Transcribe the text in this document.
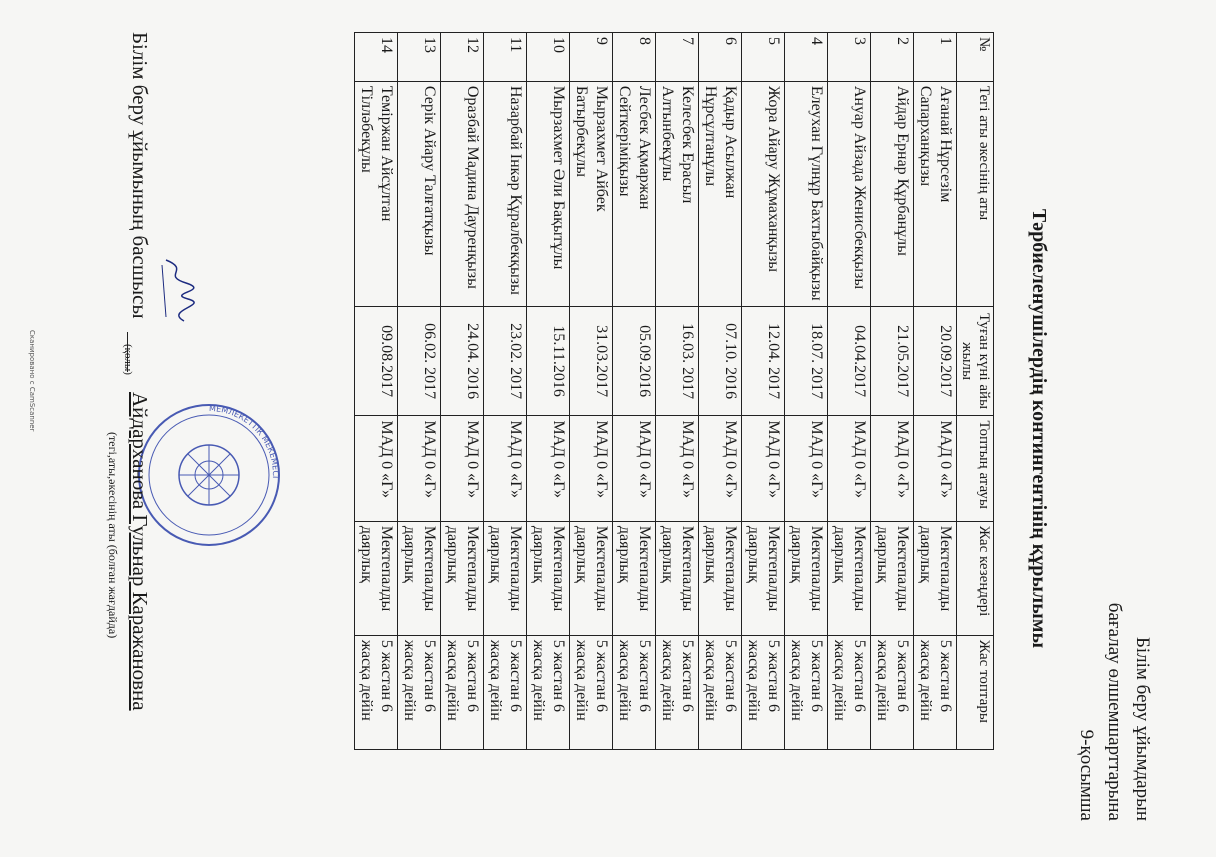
Білім беру ұйымдарын
бағалау өлшемшарттарына
9-қосымша
Тәрбиеленушілердің контингентінің құрылымы
№	Тегі аты әкесінің аты	Туған күні айы жылы	Топтың атауы	Жас кезеңдері	Жас топтары
1	Ағанай Нұрсезім Сапарханқызы	20.09.2017	МАД 0 «Г»	Мектепалды даярлық	5 жастан 6 жасқа дейін
2	Айдар Ернар Құрбанұлы	21.05.2017	МАД 0 «Г»	Мектепалды даярлық	5 жастан 6 жасқа дейін
3	Ануар Айзада Женисбекқызы	04.04.2017	МАД 0 «Г»	Мектепалды даярлық	5 жастан 6 жасқа дейін
4	Елеухан Гүлнұр Бахтыбайқызы	18.07. 2017	МАД 0 «Г»	Мектепалды даярлық	5 жастан 6 жасқа дейін
5	Жора Айару Жұмаханқызы	12.04. 2017	МАД 0 «Г»	Мектепалды даярлық	5 жастан 6 жасқа дейін
6	Қадыр Асылжан Нұрсұлтанұлы	07.10. 2016	МАД 0 «Г»	Мектепалды даярлық	5 жастан 6 жасқа дейін
7	Келесбек Ерасыл Алтынбекұлы	16.03. 2017	МАД 0 «Г»	Мектепалды даярлық	5 жастан 6 жасқа дейін
8	Лесбек Ақмаржан Сейткеріміқызы	05.09.2016	МАД 0 «Г»	Мектепалды даярлық	5 жастан 6 жасқа дейін
9	Мырзахмет Айбек Батырбекұлы	31.03.2017	МАД 0 «Г»	Мектепалды даярлық	5 жастан 6 жасқа дейін
10	Мырзахмет Әли Бақытұлы	15.11.2016	МАД 0 «Г»	Мектепалды даярлық	5 жастан 6 жасқа дейін
11	Назарбай Інкәр Құралбекқызы	23.02. 2017	МАД 0 «Г»	Мектепалды даярлық	5 жастан 6 жасқа дейін
12	Оразбай Мадина Дауренқызы	24.04. 2016	МАД 0 «Г»	Мектепалды даярлық	5 жастан 6 жасқа дейін
13	Серік Айару Талғатқызы	06.02. 2017	МАД 0 «Г»	Мектепалды даярлық	5 жастан 6 жасқа дейін
14	Теміржан Айсұлтан Тілләбекұлы	09.08.2017	МАД 0 «Г»	Мектепалды даярлық	5 жастан 6 жасқа дейін
МЕМЛЕКЕТТІК МЕКЕМЕСІ
Білім беру ұйымының басшысы
(қолы)
Айдарханова Гульнар Каражановна
(тегі,аты,әкесінің аты (болған жағдайда)
Сканировано с CamScanner
